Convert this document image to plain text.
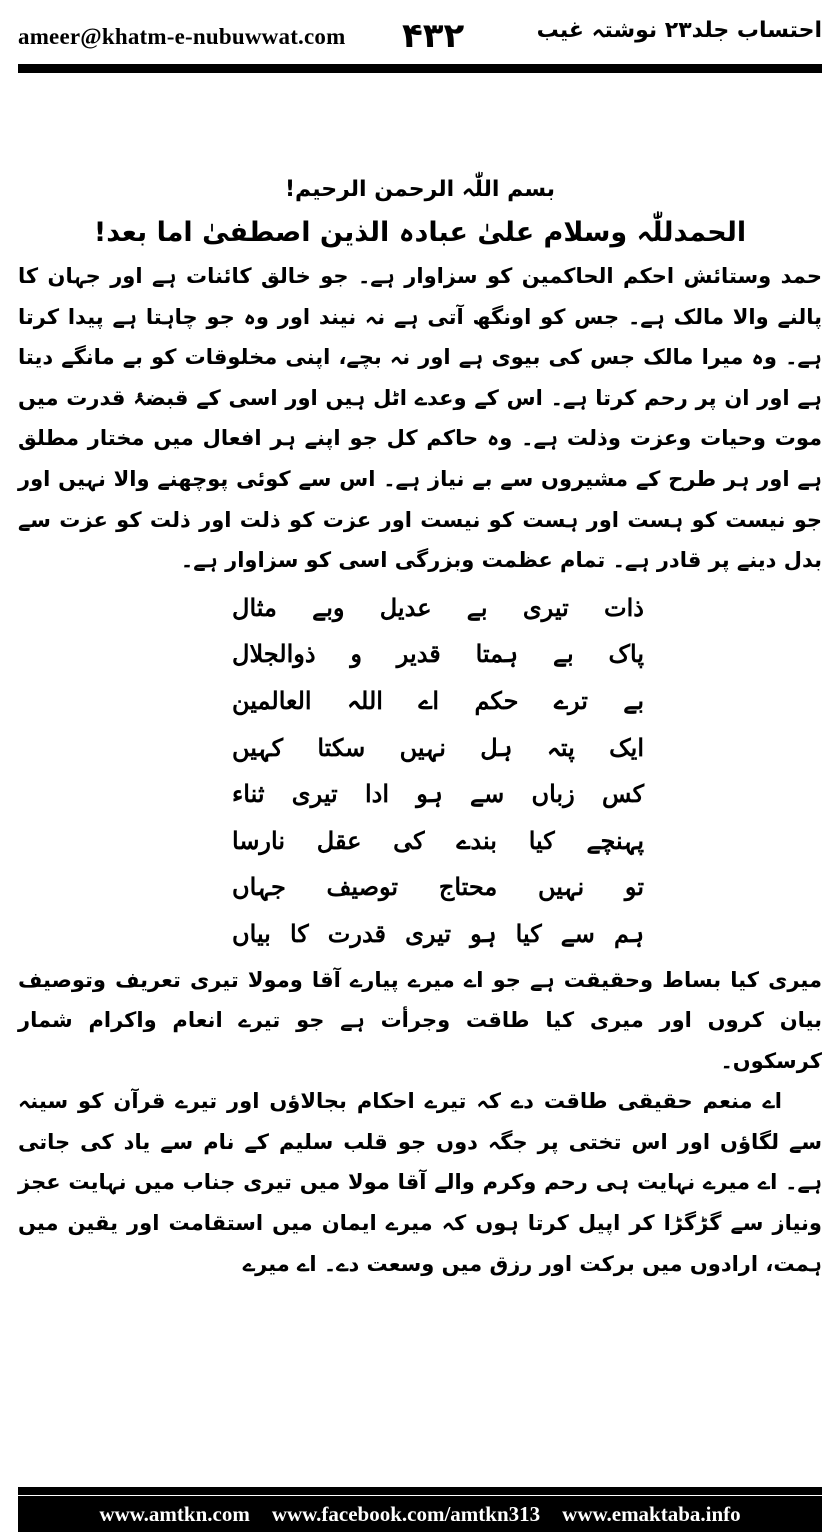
ameer@khatm-e-nubuwwat.com ۴۳۲	احتساب جلد۲۳ نوشتہ غیب
بسم اللّٰہ الرحمن الرحیم!
الحمدللّٰہ وسلام علیٰ عبادہ الذین اصطفیٰ اما بعد!

حمد وستائش احکم الحاکمین کو سزاوار ہے۔ جو خالق کائنات ہے اور جہان کا پالنے والا مالک ہے۔ جس کو اونگھ آتی ہے نہ نیند اور وہ جو چاہتا ہے پیدا کرتا ہے۔ وہ میرا مالک جس کی بیوی ہے اور نہ بچے، اپنی مخلوقات کو بے مانگے دیتا ہے اور ان پر رحم کرتا ہے۔ اس کے وعدے اٹل ہیں اور اسی کے قبضۂ قدرت میں موت وحیات وعزت وذلت ہے۔ وہ حاکم کل جو اپنے ہر افعال میں مختار مطلق ہے اور ہر طرح کے مشیروں سے بے نیاز ہے۔ اس سے کوئی پوچھنے والا نہیں اور جو نیست کو ہست اور ہست کو نیست اور عزت کو ذلت اور ذلت کو عزت سے بدل دینے پر قادر ہے۔ تمام عظمت وبزرگی اسی کو سزاوار ہے۔

ذات تیری بے عدیل وبے مثال
پاک بے ہمتا قدیر و ذوالجلال
بے ترے حکم اے اللہ العالمین
ایک پتہ ہل نہیں سکتا کہیں
کس زباں سے ہو ادا تیری ثناء
پہنچے کیا بندے کی عقل نارسا
تو نہیں محتاج توصیف جہاں
ہم سے کیا ہو تیری قدرت کا بیاں

میری کیا بساط وحقیقت ہے جو اے میرے پیارے آقا ومولا تیری تعریف وتوصیف بیان کروں اور میری کیا طاقت وجرأت ہے جو تیرے انعام واکرام شمار کرسکوں۔

اے منعم حقیقی طاقت دے کہ تیرے احکام بجالاؤں اور تیرے قرآن کو سینہ سے لگاؤں اور اس تختی پر جگہ دوں جو قلب سلیم کے نام سے یاد کی جاتی ہے۔ اے میرے نہایت ہی رحم وکرم والے آقا مولا میں تیری جناب میں نہایت عجز ونیاز سے گڑگڑا کر اپیل کرتا ہوں کہ میرے ایمان میں استقامت اور یقین میں ہمت، ارادوں میں برکت اور رزق میں وسعت دے۔ اے میرے

www.amtkn.com www.facebook.com/amtkn313 www.emaktaba.info
